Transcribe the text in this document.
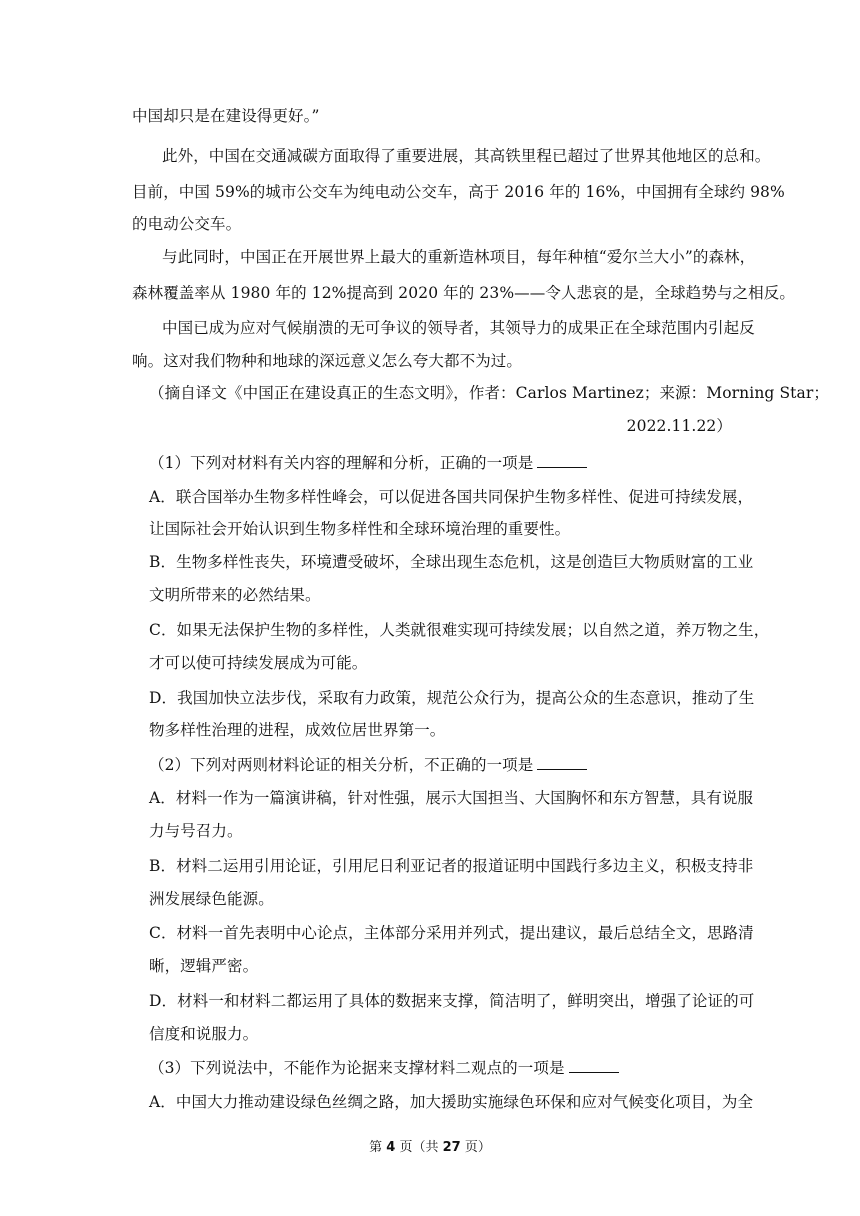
中国却只是在建设得更好。”
此外，中国在交通减碳方面取得了重要进展，其高铁里程已超过了世界其他地区的总和。
目前，中国 59%的城市公交车为纯电动公交车，高于 2016 年的 16%，中国拥有全球约 98%
的电动公交车。
与此同时，中国正在开展世界上最大的重新造林项目，每年种植“爱尔兰大小”的森林，
森林覆盖率从 1980 年的 12%提高到 2020 年的 23%——令人悲哀的是，全球趋势与之相反。
中国已成为应对气候崩溃的无可争议的领导者，其领导力的成果正在全球范围内引起反
响。这对我们物种和地球的深远意义怎么夸大都不为过。
（摘自译文《中国正在建设真正的生态文明》，作者：Carlos Martinez；来源：Morning Star；
2022.11.22）
（1）下列对材料有关内容的理解和分析，正确的一项是
A．联合国举办生物多样性峰会，可以促进各国共同保护生物多样性、促进可持续发展，
让国际社会开始认识到生物多样性和全球环境治理的重要性。
B．生物多样性丧失，环境遭受破坏，全球出现生态危机，这是创造巨大物质财富的工业
文明所带来的必然结果。
C．如果无法保护生物的多样性，人类就很难实现可持续发展；以自然之道，养万物之生，
才可以使可持续发展成为可能。
D．我国加快立法步伐，采取有力政策，规范公众行为，提高公众的生态意识，推动了生
物多样性治理的进程，成效位居世界第一。
（2）下列对两则材料论证的相关分析，不正确的一项是
A．材料一作为一篇演讲稿，针对性强，展示大国担当、大国胸怀和东方智慧，具有说服
力与号召力。
B．材料二运用引用论证，引用尼日利亚记者的报道证明中国践行多边主义，积极支持非
洲发展绿色能源。
C．材料一首先表明中心论点，主体部分采用并列式，提出建议，最后总结全文，思路清
晰，逻辑严密。
D．材料一和材料二都运用了具体的数据来支撑，简洁明了，鲜明突出，增强了论证的可
信度和说服力。
（3）下列说法中，不能作为论据来支撑材料二观点的一项是
A．中国大力推动建设绿色丝绸之路，加大援助实施绿色环保和应对气候变化项目，为全
第 4 页（共 27 页）
